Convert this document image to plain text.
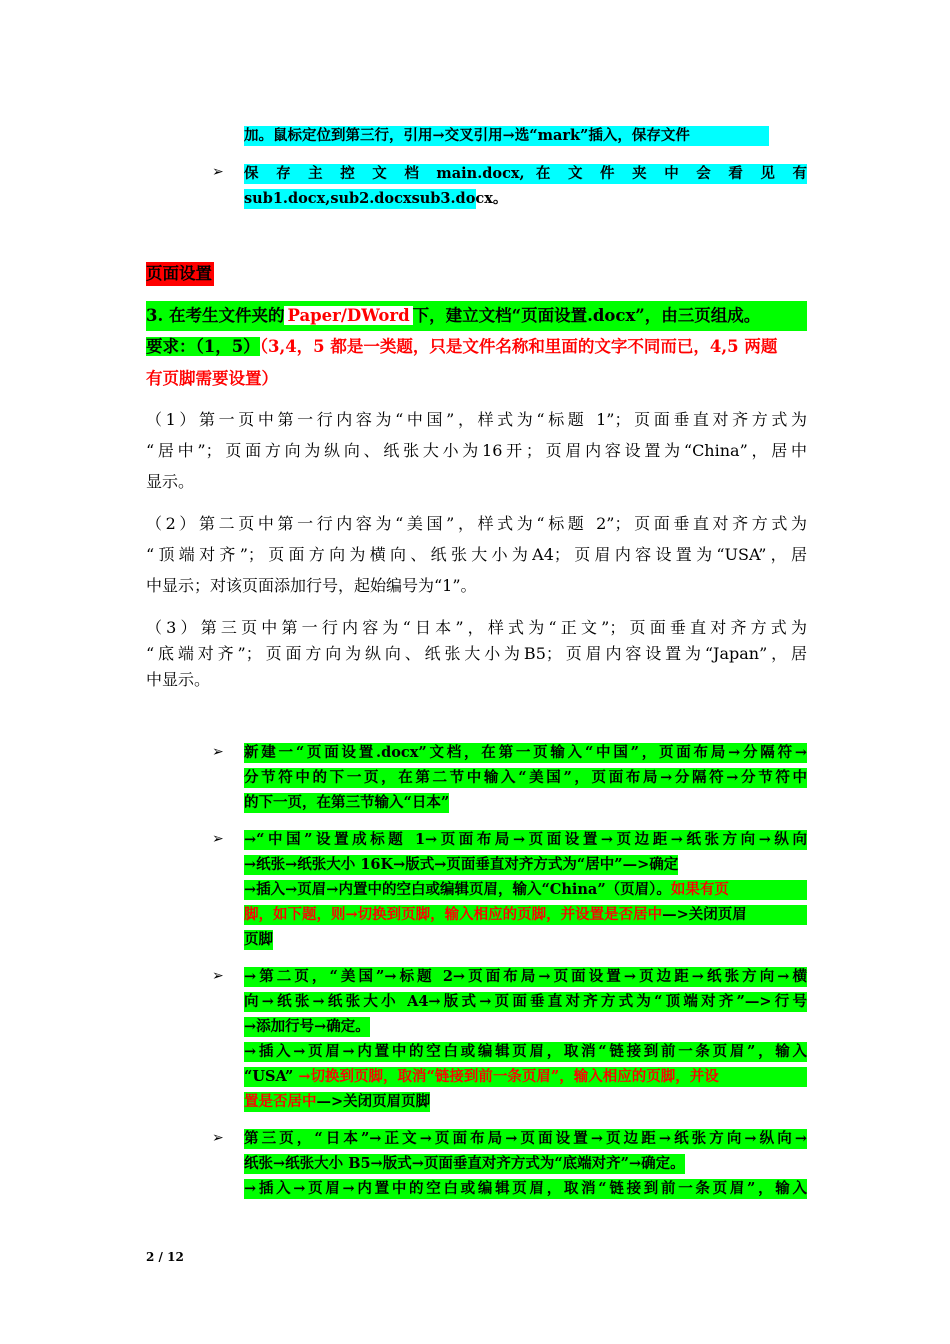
加。鼠标定位到第三行，引用→交叉引用→选“mark”插入，保存文件
➢ 保 存 主 控 文 档 main.docx, 在 文 件 夹 中 会 看 见 有
sub1.docx,sub2.docxsub3.docx。
页面设置
3. 在考生文件夹的 Paper/DWord 下，建立文档“页面设置.docx”，由三页组成。
要求：（1，5）（3,4，5 都是一类题，只是文件名称和里面的文字不同而已，4,5 两题
有页脚需要设置）
（1）第一页中第一行内容为“中国”，样式为“标题 1”；页面垂直对齐方式为
“居中”；页面方向为纵向、纸张大小为16开；页眉内容设置为“China”，居中
显示。
（2）第二页中第一行内容为“美国”，样式为“标题 2”；页面垂直对齐方式为
“顶端对齐”；页面方向为横向、纸张大小为A4；页眉内容设置为“USA”，居
中显示；对该页面添加行号，起始编号为“1”。
（3）第三页中第一行内容为“日本”，样式为“正文”；页面垂直对齐方式为
“底端对齐”；页面方向为纵向、纸张大小为B5；页眉内容设置为“Japan”，居
中显示。
➢ 新建一“页面设置.docx”文档，在第一页输入“中国”，页面布局→分隔符→
分节符中的下一页，在第二节中输入“美国”，页面布局→分隔符→分节符中
的下一页，在第三节输入“日本”
➢ →“中国”设置成标题 1→页面布局→页面设置→页边距→纸张方向→纵向
→纸张→纸张大小 16K→版式→页面垂直对齐方式为“居中”—>确定
→插入→页眉→内置中的空白或编辑页眉，输入“China”（页眉）。如果有页
脚，如下题，则→切换到页脚，输入相应的页脚，并设置是否居中—>关闭页眉
页脚
➢ →第二页，“美国”→标题 2→页面布局→页面设置→页边距→纸张方向→横
向→纸张→纸张大小 A4→版式→页面垂直对齐方式为“顶端对齐”—>行号
→添加行号→确定。
→插入→页眉→内置中的空白或编辑页眉，取消“链接到前一条页眉”，输入
“USA” →切换到页脚，取消“链接到前一条页眉”，输入相应的页脚，并设
置是否居中—>关闭页眉页脚
➢ 第三页，“日本”→正文→页面布局→页面设置→页边距→纸张方向→纵向→
纸张→纸张大小 B5→版式→页面垂直对齐方式为“底端对齐”→确定。
→插入→页眉→内置中的空白或编辑页眉，取消“链接到前一条页眉”，输入
2 / 12
